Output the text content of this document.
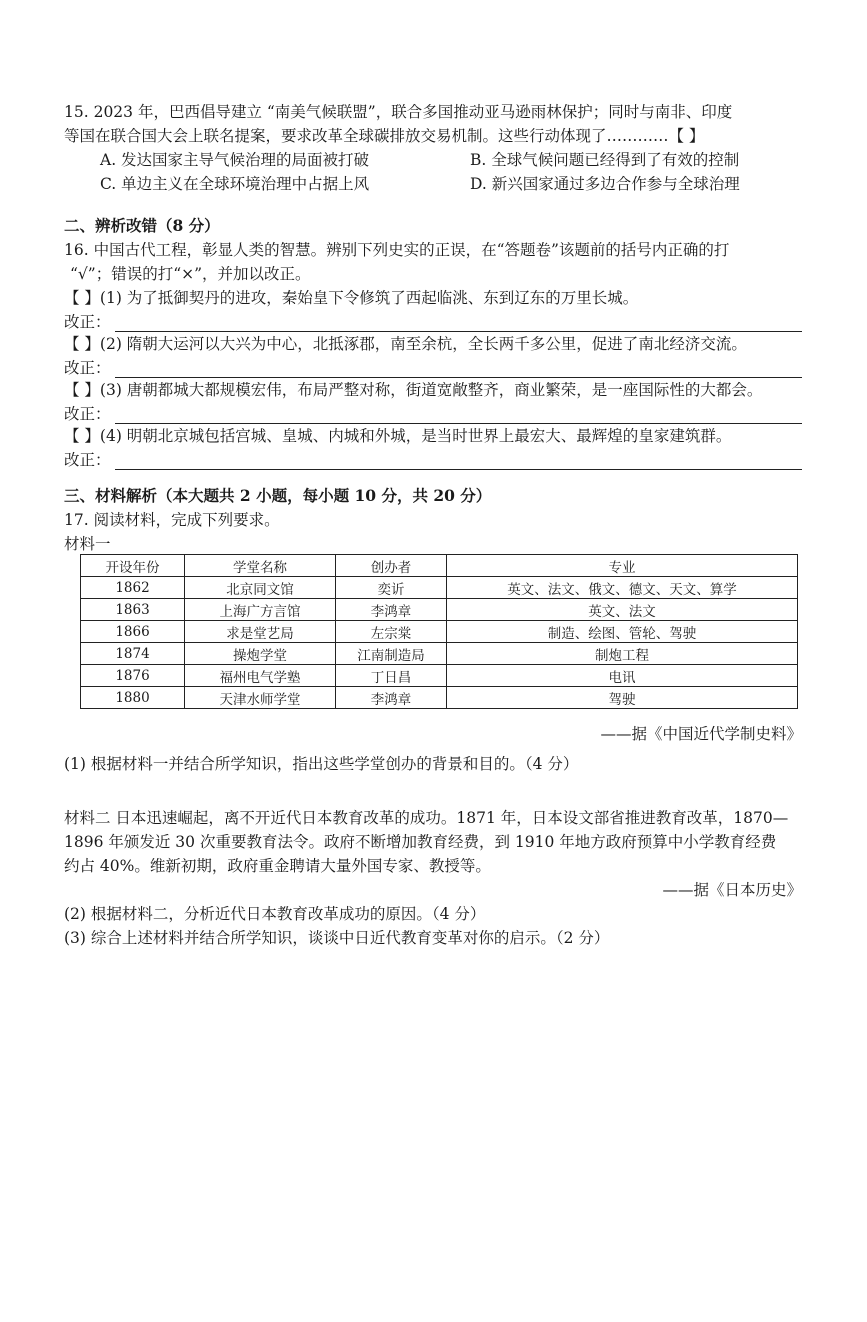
15. 2023 年，巴西倡导建立 “南美气候联盟”，联合多国推动亚马逊雨林保护；同时与南非、印度
等国在联合国大会上联名提案，要求改革全球碳排放交易机制。这些行动体现了…………【 】
A. 发达国家主导气候治理的局面被打破	B. 全球气候问题已经得到了有效的控制
C. 单边主义在全球环境治理中占据上风	D. 新兴国家通过多边合作参与全球治理
二、辨析改错（8 分）
16. 中国古代工程，彰显人类的智慧。辨别下列史实的正误，在“答题卷”该题前的括号内正确的打
“√”；错误的打“×”，并加以改正。
【 】(1) 为了抵御契丹的进攻，秦始皇下令修筑了西起临洮、东到辽东的万里长城。
改正：
【 】(2) 隋朝大运河以大兴为中心，北抵涿郡，南至余杭，全长两千多公里，促进了南北经济交流。
改正：
【 】(3) 唐朝都城大都规模宏伟，布局严整对称，街道宽敞整齐，商业繁荣，是一座国际性的大都会。
改正：
【 】(4) 明朝北京城包括宫城、皇城、内城和外城，是当时世界上最宏大、最辉煌的皇家建筑群。
改正：
三、材料解析（本大题共 2 小题，每小题 10 分，共 20 分）
17. 阅读材料，完成下列要求。
材料一
开设年份	学堂名称	创办者	专业
1862	北京同文馆	奕䜣	英文、法文、俄文、德文、天文、算学
1863	上海广方言馆	李鸿章	英文、法文
1866	求是堂艺局	左宗棠	制造、绘图、管轮、驾驶
1874	操炮学堂	江南制造局	制炮工程
1876	福州电气学塾	丁日昌	电讯
1880	天津水师学堂	李鸿章	驾驶
——据《中国近代学制史料》
(1) 根据材料一并结合所学知识，指出这些学堂创办的背景和目的。（4 分）
材料二 日本迅速崛起，离不开近代日本教育改革的成功。1871 年，日本设文部省推进教育改革，1870—
1896 年颁发近 30 次重要教育法令。政府不断增加教育经费，到 1910 年地方政府预算中小学教育经费
约占 40%。维新初期，政府重金聘请大量外国专家、教授等。
——据《日本历史》
(2) 根据材料二，分析近代日本教育改革成功的原因。（4 分）
(3) 综合上述材料并结合所学知识，谈谈中日近代教育变革对你的启示。（2 分）
